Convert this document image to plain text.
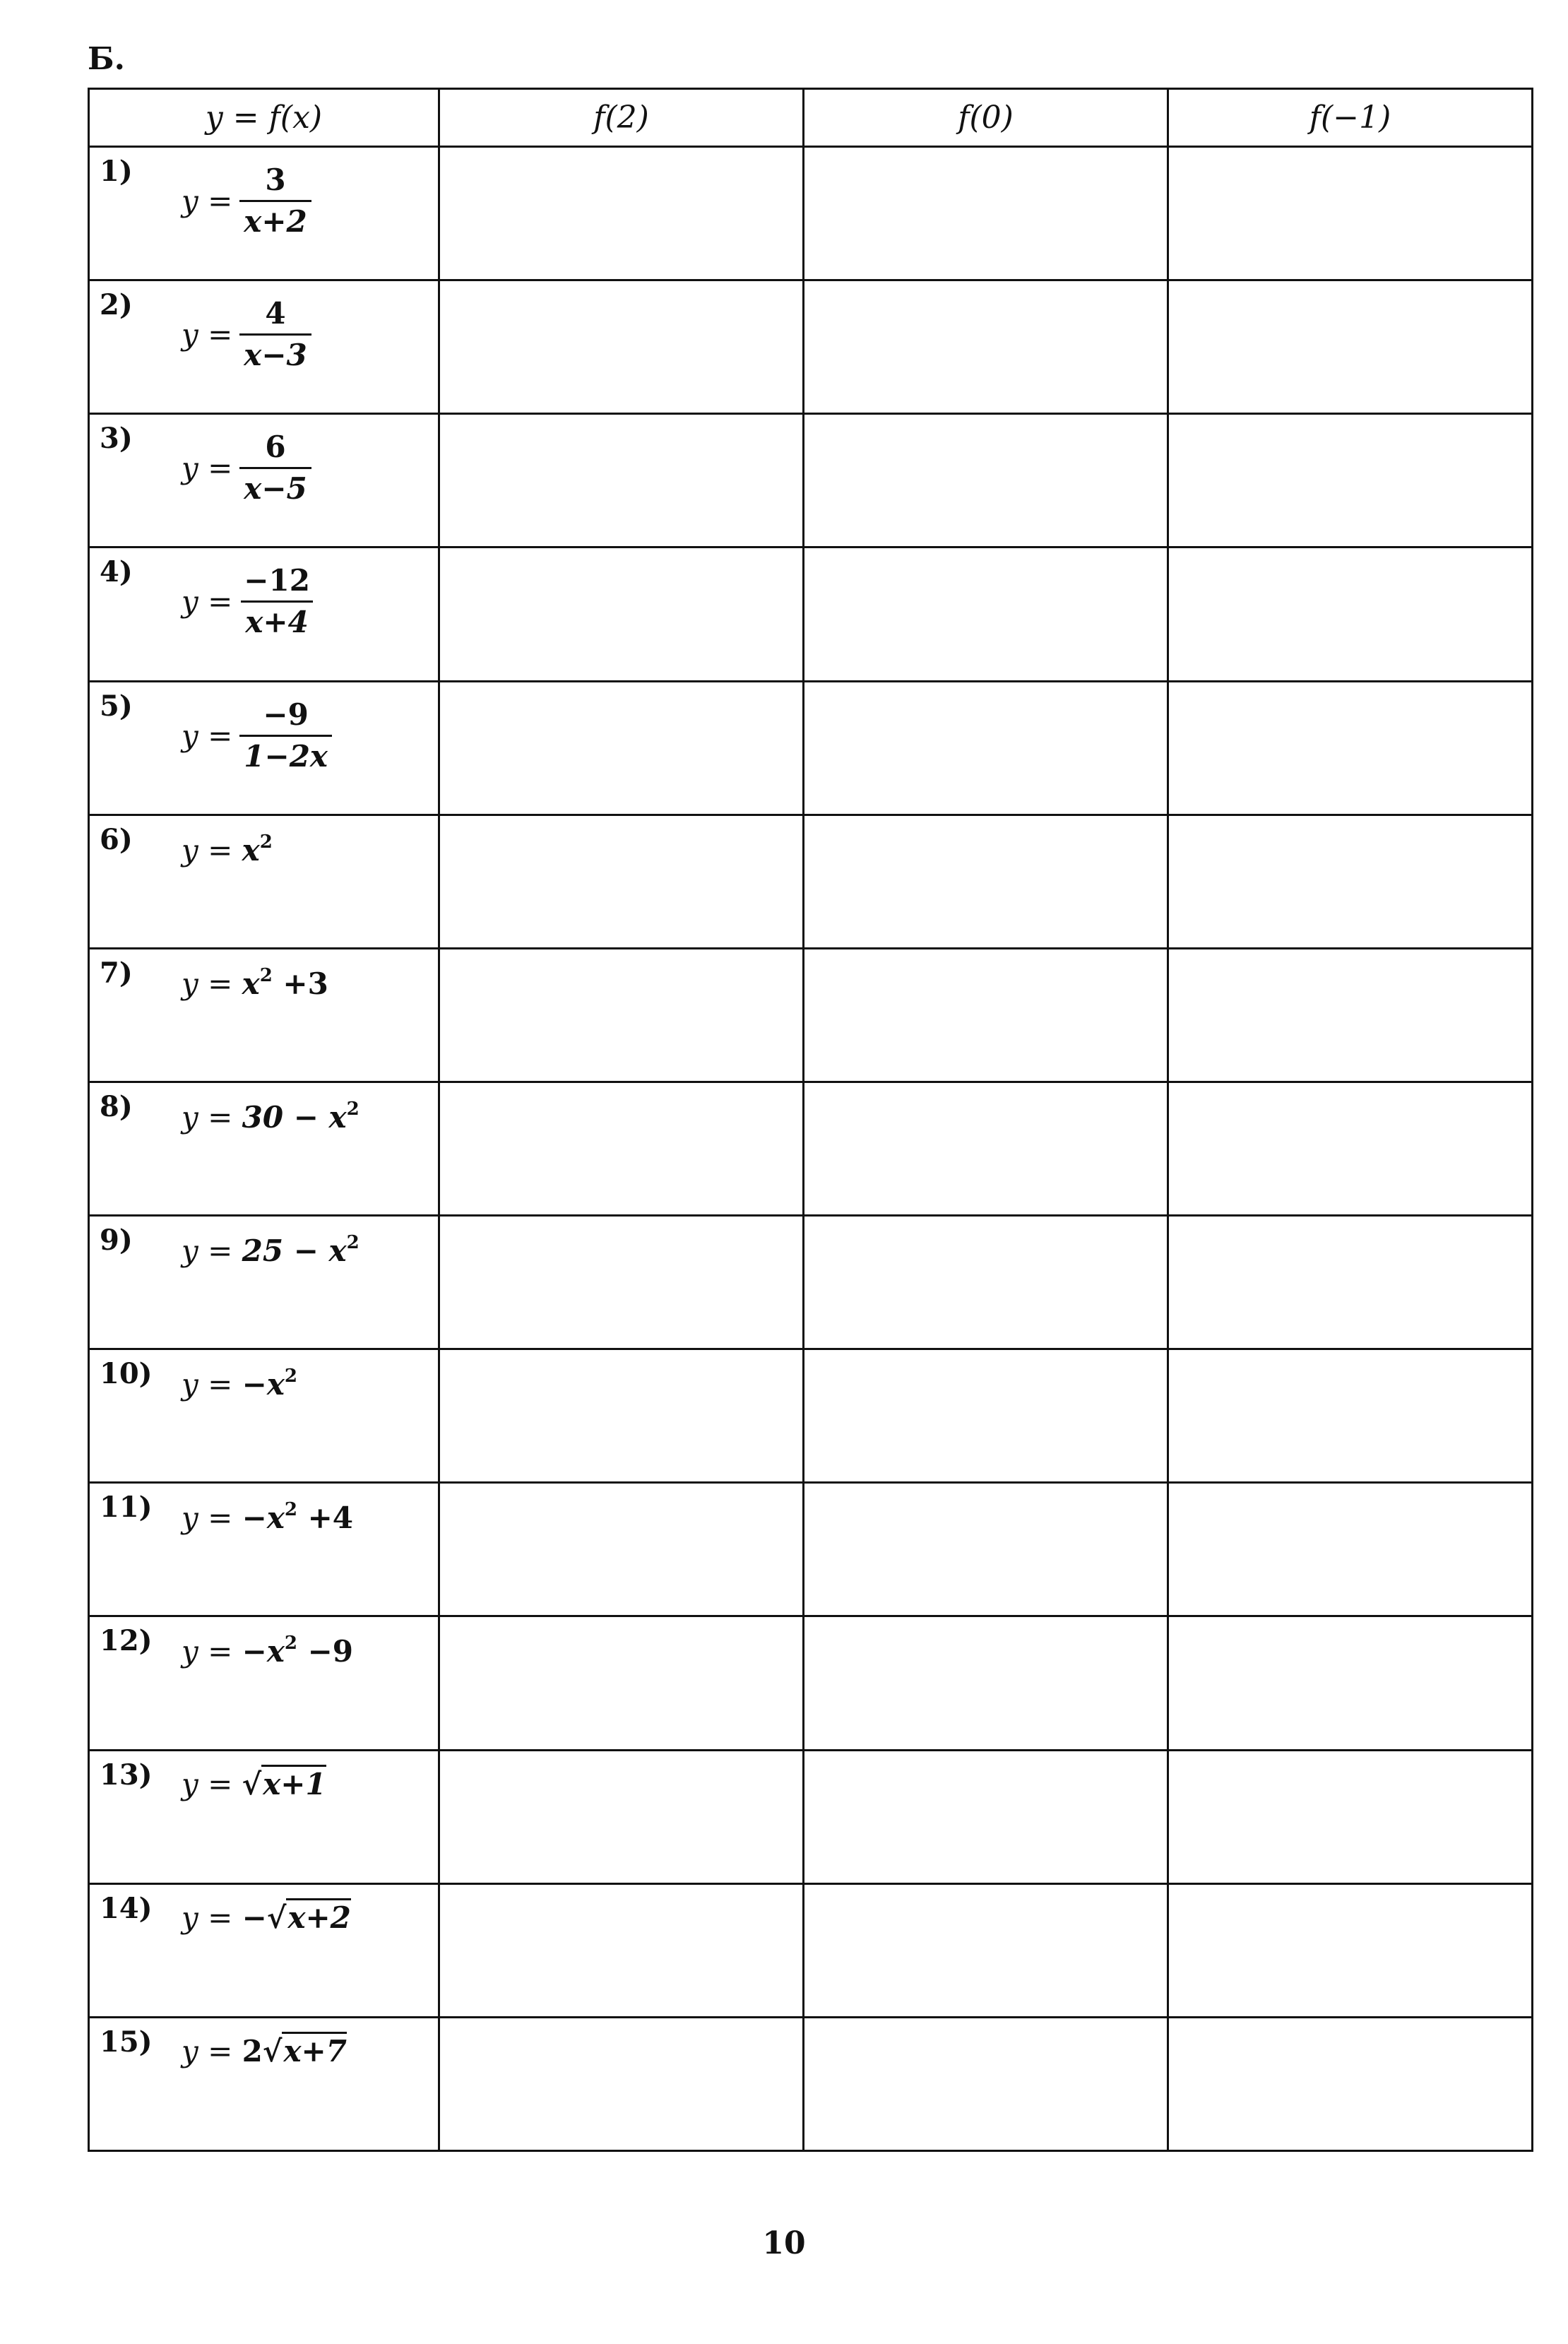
Б.
y = f(x)	f(2)	f(0)	f(−1)

1)
$y = \frac{3}{x+2}$

2)
$y = \frac{4}{x-3}$

3)
$y = \frac{6}{x-5}$

4)
$y = \frac{-12}{x+4}$

5)
$y = \frac{-9}{1-2x}$

6) $y = x^2$

7) $y = x^2 +3$			

8) $y = 30 - x^2$

9) $y = 25 - x^2$

10) $y = -x^2$

11) $y = -x^2 +4$			

12) $y = -x^2 -9$			

13) y = √x+1			

14) y = −√x+2			

15) y = 2√x+7			

10
